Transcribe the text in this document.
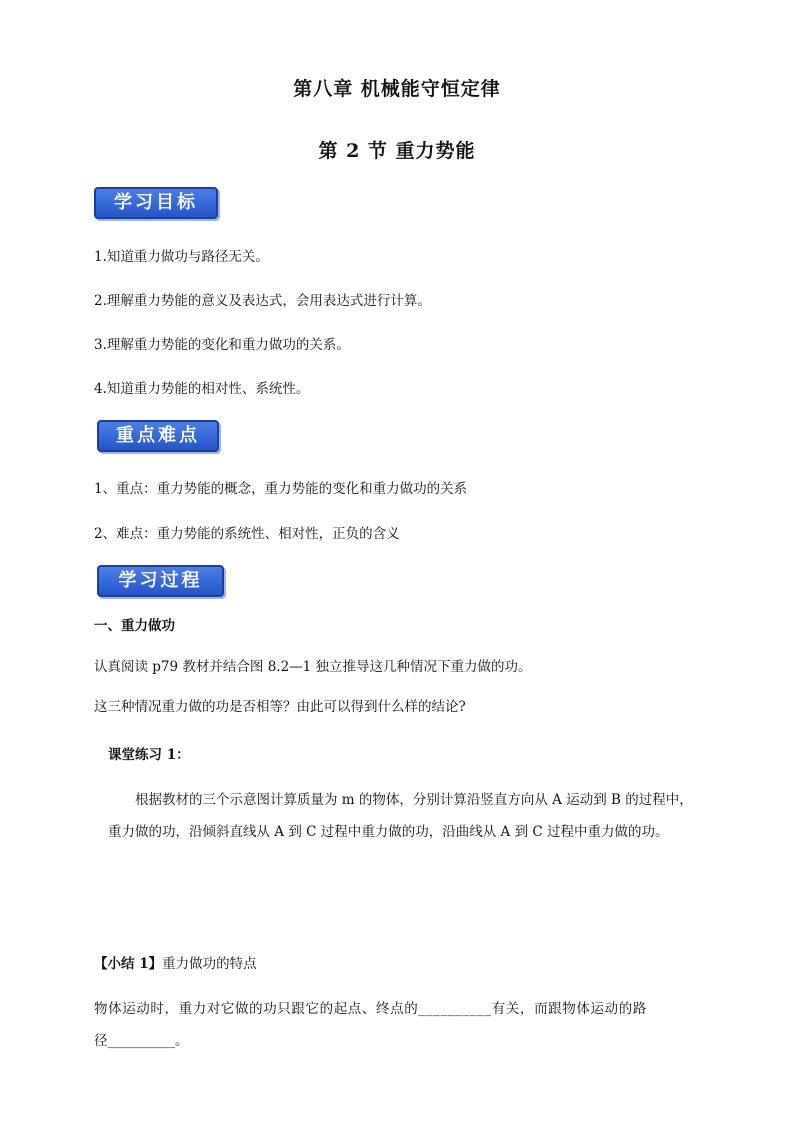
第八章 机械能守恒定律
第 2 节 重力势能
学习目标
1.知道重力做功与路径无关。
2.理解重力势能的意义及表达式，会用表达式进行计算。
3.理解重力势能的变化和重力做功的关系。
4.知道重力势能的相对性、系统性。
重点难点
1、重点：重力势能的概念，重力势能的变化和重力做功的关系
2、难点：重力势能的系统性、相对性，正负的含义
学习过程
一、重力做功
认真阅读 p79 教材并结合图 8.2—1 独立推导这几种情况下重力做的功。
这三种情况重力做的功是否相等？由此可以得到什么样的结论?
课堂练习 1：
根据教材的三个示意图计算质量为 m 的物体，分别计算沿竖直方向从 A 运动到 B 的过程中，
重力做的功，沿倾斜直线从 A 到 C 过程中重力做的功，沿曲线从 A 到 C 过程中重力做的功。
【小结 1】重力做功的特点
物体运动时，重力对它做的功只跟它的起点、终点的__________有关，而跟物体运动的路
径__________。
